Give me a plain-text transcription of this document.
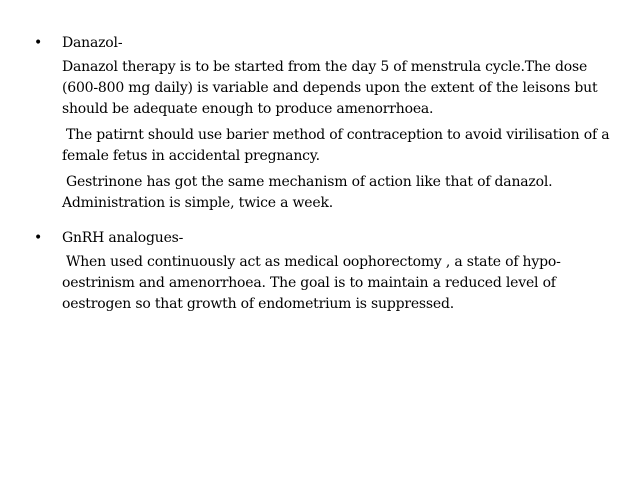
• Danazol-
Danazol therapy is to be started from the day 5 of menstrula cycle.The dose (600-800 mg daily) is variable and depends upon the extent of the leisons but should be adequate enough to produce amenorrhoea.
The patirnt should use barier method of contraception to avoid virilisation of a female fetus in accidental pregnancy.
Gestrinone has got the same mechanism of action like that of danazol. Administration is simple, twice a week.
• GnRH analogues-
When used continuously act as medical oophorectomy , a state of hypo-oestrinism and amenorrhoea. The goal is to maintain a reduced level of oestrogen so that growth of endometrium is suppressed.
